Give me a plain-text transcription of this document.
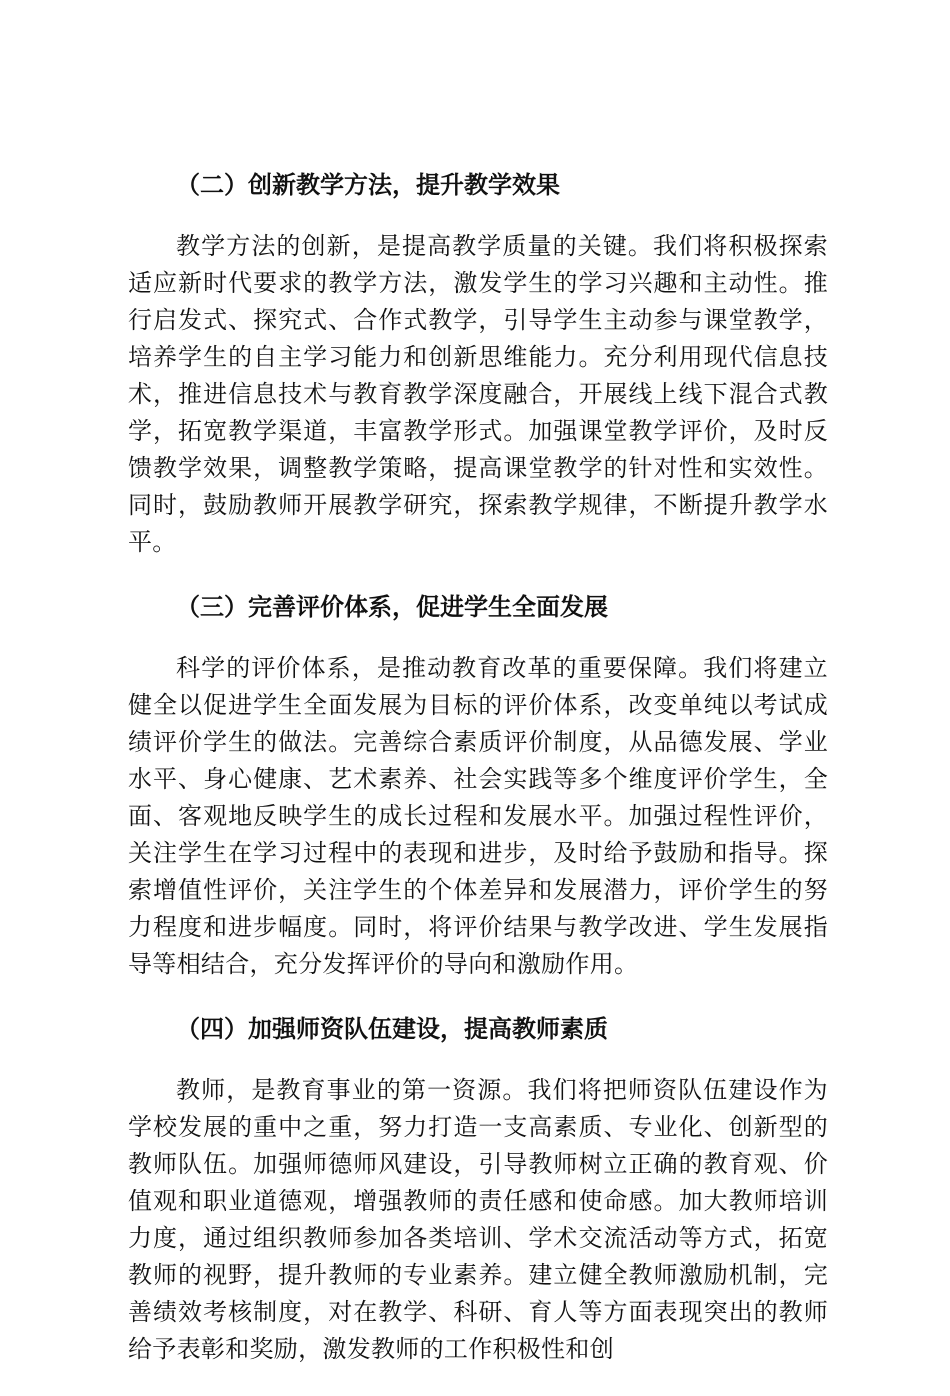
（二）创新教学方法，提升教学效果

教学方法的创新，是提高教学质量的关键。我们将积极探索适应新时代要求的教学方法，激发学生的学习兴趣和主动性。推行启发式、探究式、合作式教学，引导学生主动参与课堂教学，培养学生的自主学习能力和创新思维能力。充分利用现代信息技术，推进信息技术与教育教学深度融合，开展线上线下混合式教学，拓宽教学渠道，丰富教学形式。加强课堂教学评价，及时反馈教学效果，调整教学策略，提高课堂教学的针对性和实效性。同时，鼓励教师开展教学研究，探索教学规律，不断提升教学水平。

（三）完善评价体系，促进学生全面发展

科学的评价体系，是推动教育改革的重要保障。我们将建立健全以促进学生全面发展为目标的评价体系，改变单纯以考试成绩评价学生的做法。完善综合素质评价制度，从品德发展、学业水平、身心健康、艺术素养、社会实践等多个维度评价学生，全面、客观地反映学生的成长过程和发展水平。加强过程性评价，关注学生在学习过程中的表现和进步，及时给予鼓励和指导。探索增值性评价，关注学生的个体差异和发展潜力，评价学生的努力程度和进步幅度。同时，将评价结果与教学改进、学生发展指导等相结合，充分发挥评价的导向和激励作用。

（四）加强师资队伍建设，提高教师素质

教师，是教育事业的第一资源。我们将把师资队伍建设作为学校发展的重中之重，努力打造一支高素质、专业化、创新型的教师队伍。加强师德师风建设，引导教师树立正确的教育观、价值观和职业道德观，增强教师的责任感和使命感。加大教师培训力度，通过组织教师参加各类培训、学术交流活动等方式，拓宽教师的视野，提升教师的专业素养。建立健全教师激励机制，完善绩效考核制度，对在教学、科研、育人等方面表现突出的教师给予表彰和奖励，激发教师的工作积极性和创
